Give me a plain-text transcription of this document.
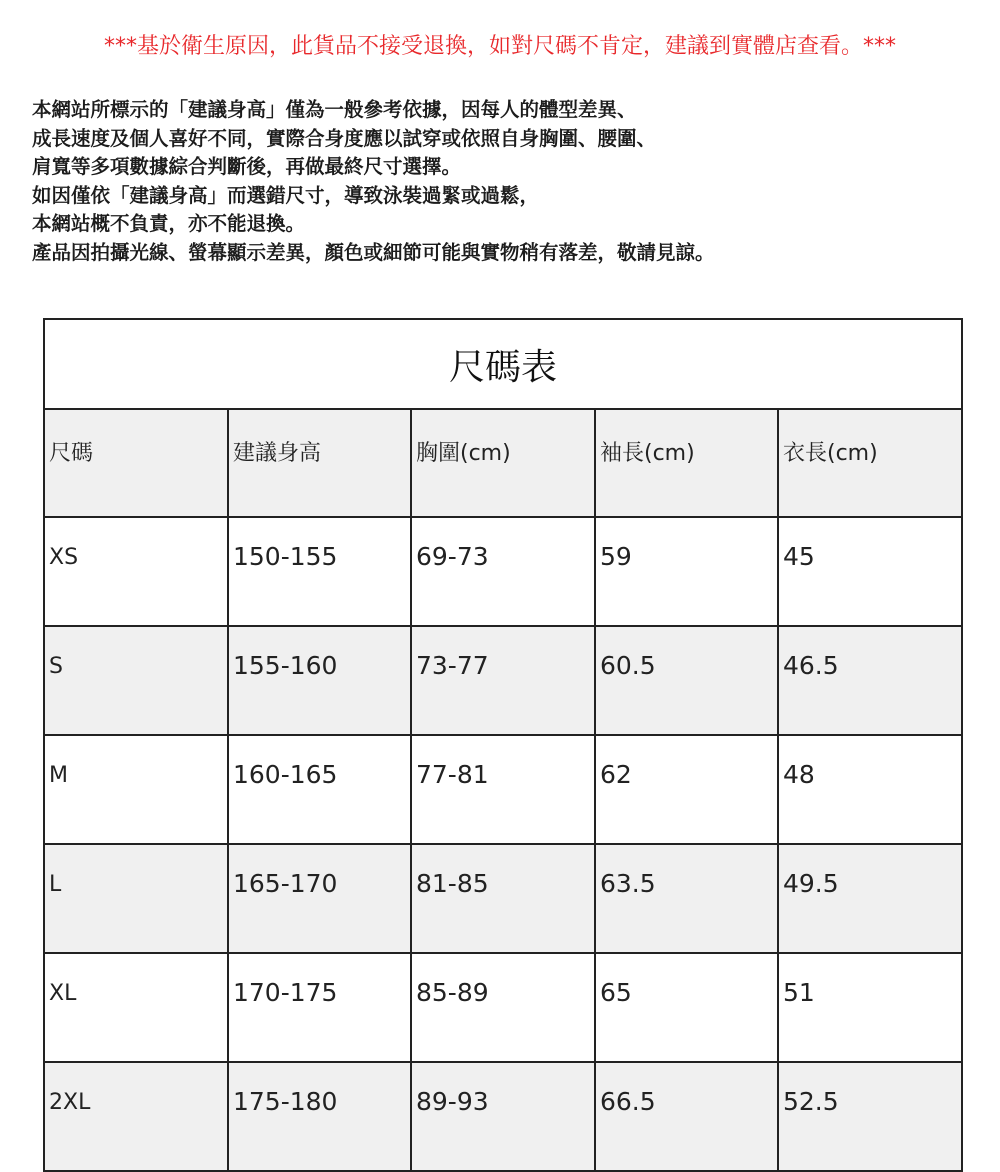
***基於衛生原因，此貨品不接受退換，如對尺碼不肯定，建議到實體店查看。***
本網站所標示的「建議身高」僅為一般參考依據，因每人的體型差異、
成長速度及個人喜好不同，實際合身度應以試穿或依照自身胸圍、腰圍、
肩寬等多項數據綜合判斷後，再做最終尺寸選擇。
如因僅依「建議身高」而選錯尺寸，導致泳裝過緊或過鬆，
本網站概不負責，亦不能退換。
產品因拍攝光線、螢幕顯示差異，顏色或細節可能與實物稍有落差，敬請見諒。
尺碼表				
尺碼	建議身高	胸圍(cm)	袖長(cm)	衣長(cm)
XS	150-155	69-73	59	45
S	155-160	73-77	60.5	46.5
M	160-165	77-81	62	48
L	165-170	81-85	63.5	49.5
XL	170-175	85-89	65	51
2XL	175-180	89-93	66.5	52.5
